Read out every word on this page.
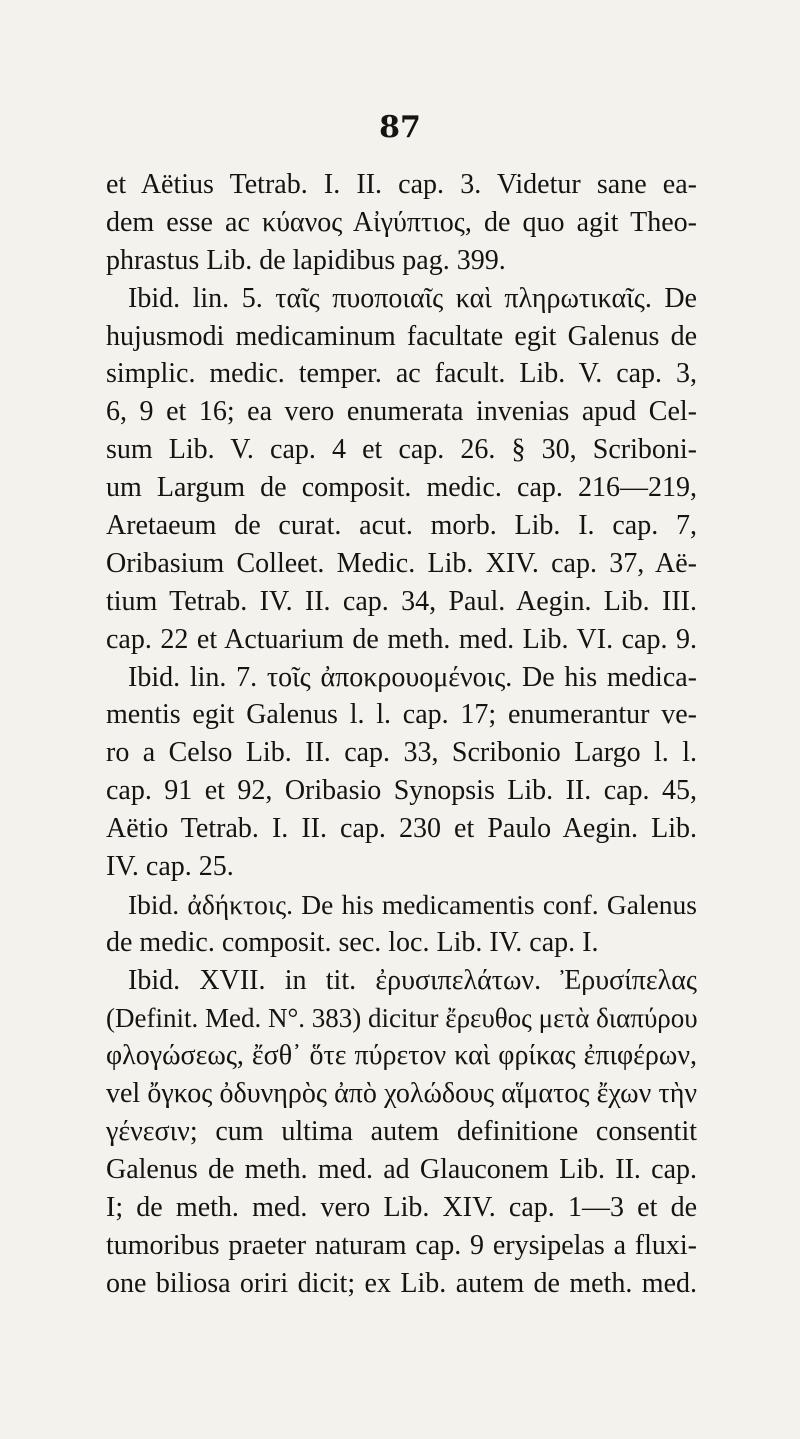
87
et Aëtius Tetrab. I. II. cap. 3. Videtur sane ea-
dem esse ac κύανος Αἰγύπτιος, de quo agit Theo-
phrastus Lib. de lapidibus pag. 399.
Ibid. lin. 5. ταῖς πυοποιαῖς καὶ πληρωτικαῖς. De
hujusmodi medicaminum facultate egit Galenus de
simplic. medic. temper. ac facult. Lib. V. cap. 3,
6, 9 et 16; ea vero enumerata invenias apud Cel-
sum Lib. V. cap. 4 et cap. 26. § 30, Scriboni-
um Largum de composit. medic. cap. 216—219,
Aretaeum de curat. acut. morb. Lib. I. cap. 7,
Oribasium Colleet. Medic. Lib. XIV. cap. 37, Aë-
tium Tetrab. IV. II. cap. 34, Paul. Aegin. Lib. III.
cap. 22 et Actuarium de meth. med. Lib. VI. cap. 9.
Ibid. lin. 7. τοῖς ἀποκρουομένοις. De his medica-
mentis egit Galenus l. l. cap. 17; enumerantur ve-
ro a Celso Lib. II. cap. 33, Scribonio Largo l. l.
cap. 91 et 92, Oribasio Synopsis Lib. II. cap. 45,
Aëtio Tetrab. I. II. cap. 230 et Paulo Aegin. Lib.
IV. cap. 25.
Ibid. ἀδήκτοις. De his medicamentis conf. Galenus
de medic. composit. sec. loc. Lib. IV. cap. I.
Ibid. XVII. in tit. ἐρυσιπελάτων. Ἐρυσίπελας
(Definit. Med. N°. 383) dicitur ἔρευθος μετὰ διαπύρου
φλογώσεως, ἔσθ᾽ ὅτε πύρετον καὶ φρίκας ἐπιφέρων,
vel ὄγκος ὀδυνηρὸς ἀπὸ χολώδους αἵματος ἔχων τὴν
γένεσιν; cum ultima autem definitione consentit
Galenus de meth. med. ad Glauconem Lib. II. cap.
I; de meth. med. vero Lib. XIV. cap. 1—3 et de
tumoribus praeter naturam cap. 9 erysipelas a fluxi-
one biliosa oriri dicit; ex Lib. autem de meth. med.
